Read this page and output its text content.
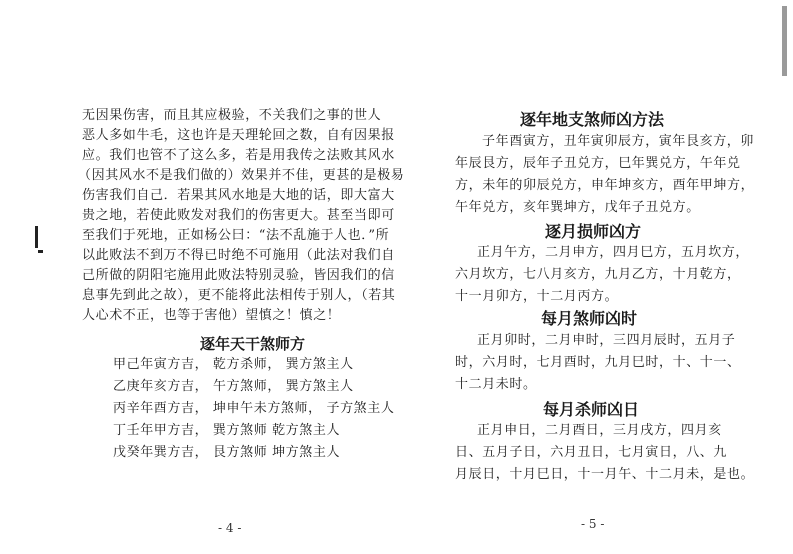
无因果伤害，而且其应极验，不关我们之事的世人
恶人多如牛毛，这也许是天理轮回之数，自有因果报
应。我们也管不了这么多，若是用我传之法败其风水
（因其风水不是我们做的）效果并不佳，更甚的是极易
伤害我们自己．若果其风水地是大地的话，即大富大
贵之地，若使此败发对我们的伤害更大。甚至当即可
至我们于死地，正如杨公曰：“法不乱施于人也．”所
以此败法不到万不得已时绝不可施用（此法对我们自
己所做的阴阳宅施用此败法特别灵验，皆因我们的信
息事先到此之故），更不能将此法相传于别人，（若其
人心术不正，也等于害他）望慎之！慎之！
逐年天干煞师方
甲己年寅方吉， 乾方杀师， 巽方煞主人
乙庚年亥方吉， 午方煞师， 巽方煞主人
丙辛年酉方吉， 坤申午未方煞师， 子方煞主人
丁壬年甲方吉， 巽方煞师 乾方煞主人
戊癸年巽方吉， 艮方煞师 坤方煞主人
- 4 -
逐年地支煞师凶方法
子年酉寅方，丑年寅卯辰方，寅年艮亥方，卯
年辰艮方，辰年子丑兑方，巳年巽兑方，午年兑
方，未年的卯辰兑方，申年坤亥方，酉年甲坤方，
午年兑方，亥年巽坤方，戊年子丑兑方。
逐月损师凶方
正月午方，二月申方，四月巳方，五月坎方，
六月坎方，七八月亥方，九月乙方，十月乾方，
十一月卯方，十二月丙方。
每月煞师凶时
正月卯时，二月申时，三四月辰时，五月子
时，六月时，七月酉时，九月巳时，十、十一、
十二月未时。
每月杀师凶日
正月申日，二月酉日，三月戌方，四月亥
日、五月子日，六月丑日，七月寅日，八、九
月辰日，十月巳日，十一月午、十二月未，是也。
- 5 -
